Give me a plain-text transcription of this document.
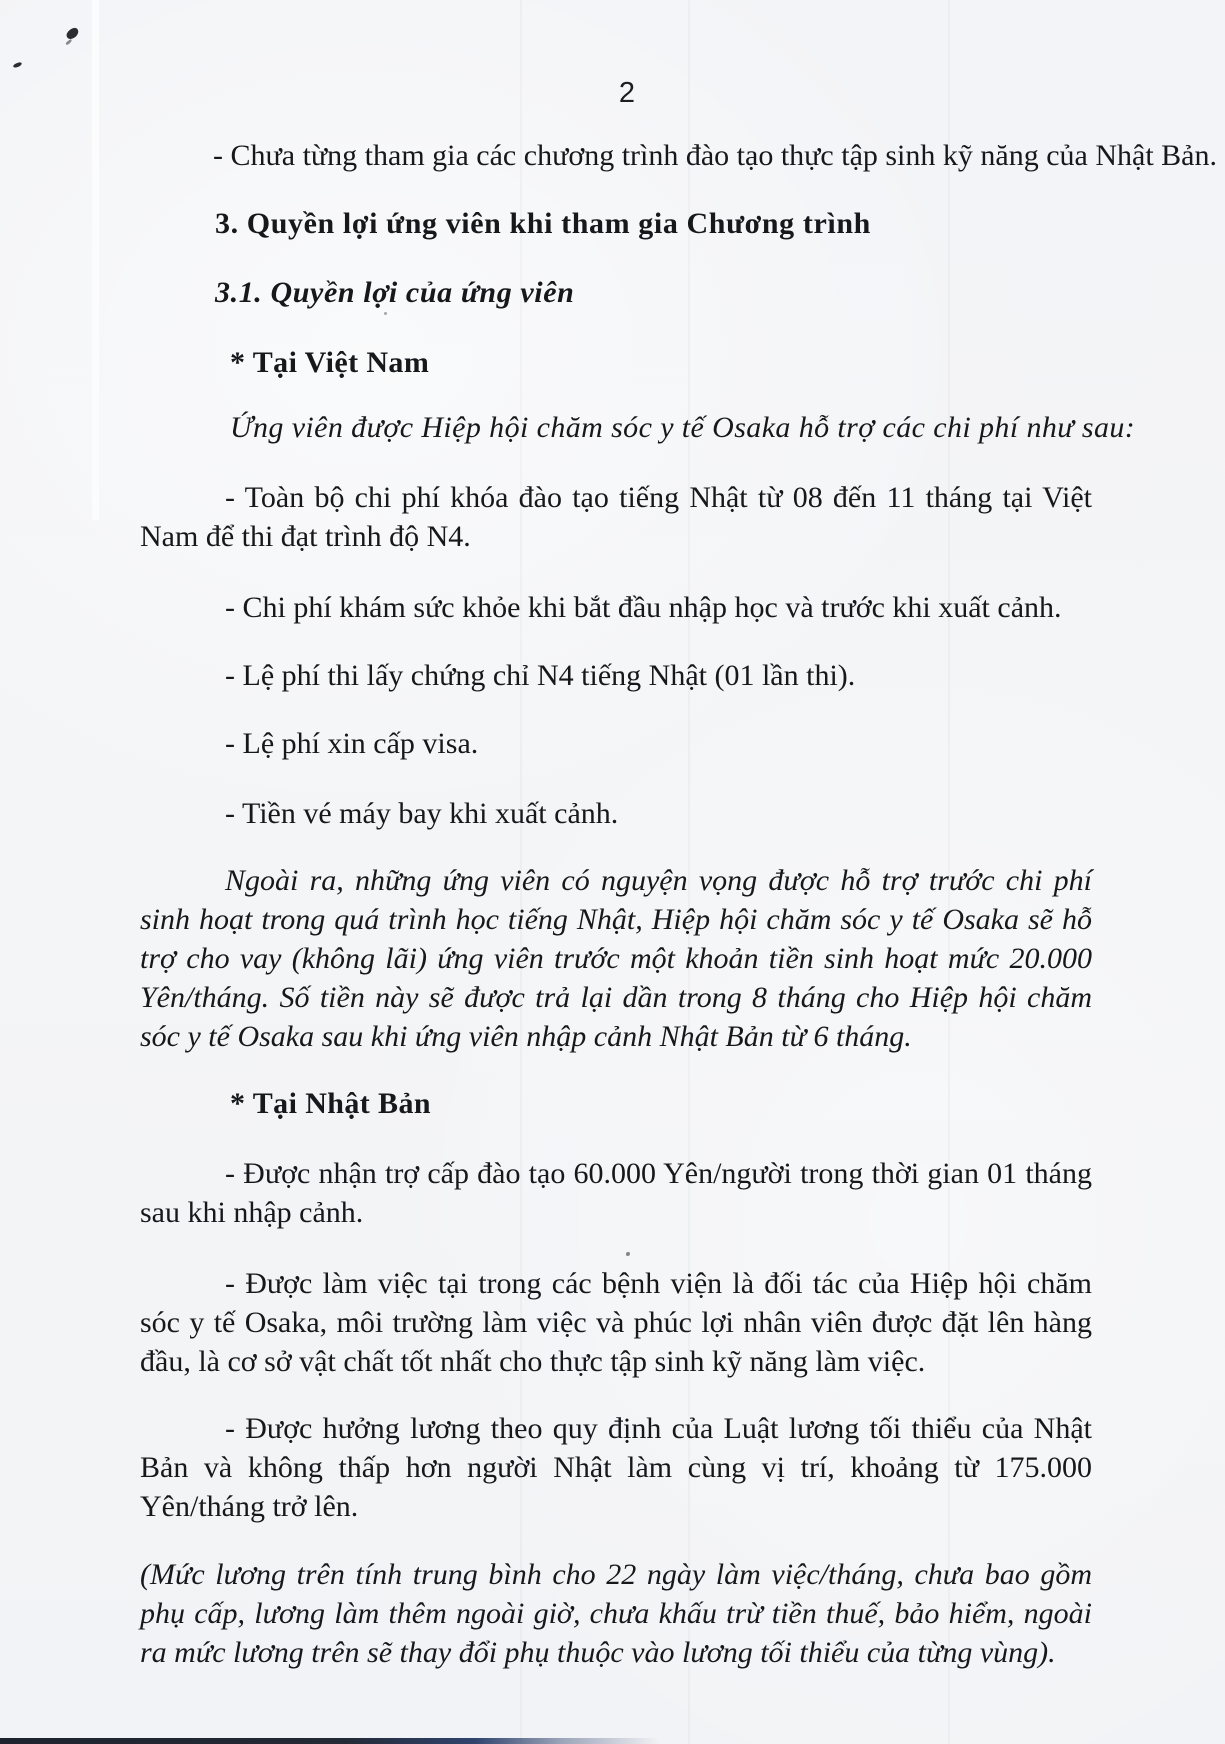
2

- Chưa từng tham gia các chương trình đào tạo thực tập sinh kỹ năng của Nhật Bản.

3. Quyền lợi ứng viên khi tham gia Chương trình

3.1. Quyền lợi của ứng viên

* Tại Việt Nam

Ứng viên được Hiệp hội chăm sóc y tế Osaka hỗ trợ các chi phí như sau:

- Toàn bộ chi phí khóa đào tạo tiếng Nhật từ 08 đến 11 tháng tại Việt Nam để thi đạt trình độ N4.

- Chi phí khám sức khỏe khi bắt đầu nhập học và trước khi xuất cảnh.

- Lệ phí thi lấy chứng chỉ N4 tiếng Nhật (01 lần thi).

- Lệ phí xin cấp visa.

- Tiền vé máy bay khi xuất cảnh.

Ngoài ra, những ứng viên có nguyện vọng được hỗ trợ trước chi phí sinh hoạt trong quá trình học tiếng Nhật, Hiệp hội chăm sóc y tế Osaka sẽ hỗ trợ cho vay (không lãi) ứng viên trước một khoản tiền sinh hoạt mức 20.000 Yên/tháng. Số tiền này sẽ được trả lại dần trong 8 tháng cho Hiệp hội chăm sóc y tế Osaka sau khi ứng viên nhập cảnh Nhật Bản từ 6 tháng.

* Tại Nhật Bản

- Được nhận trợ cấp đào tạo 60.000 Yên/người trong thời gian 01 tháng sau khi nhập cảnh.

- Được làm việc tại trong các bệnh viện là đối tác của Hiệp hội chăm sóc y tế Osaka, môi trường làm việc và phúc lợi nhân viên được đặt lên hàng đầu, là cơ sở vật chất tốt nhất cho thực tập sinh kỹ năng làm việc.

- Được hưởng lương theo quy định của Luật lương tối thiểu của Nhật Bản và không thấp hơn người Nhật làm cùng vị trí, khoảng từ 175.000 Yên/tháng trở lên.

(Mức lương trên tính trung bình cho 22 ngày làm việc/tháng, chưa bao gồm phụ cấp, lương làm thêm ngoài giờ, chưa khấu trừ tiền thuế, bảo hiểm, ngoài ra mức lương trên sẽ thay đổi phụ thuộc vào lương tối thiểu của từng vùng).
